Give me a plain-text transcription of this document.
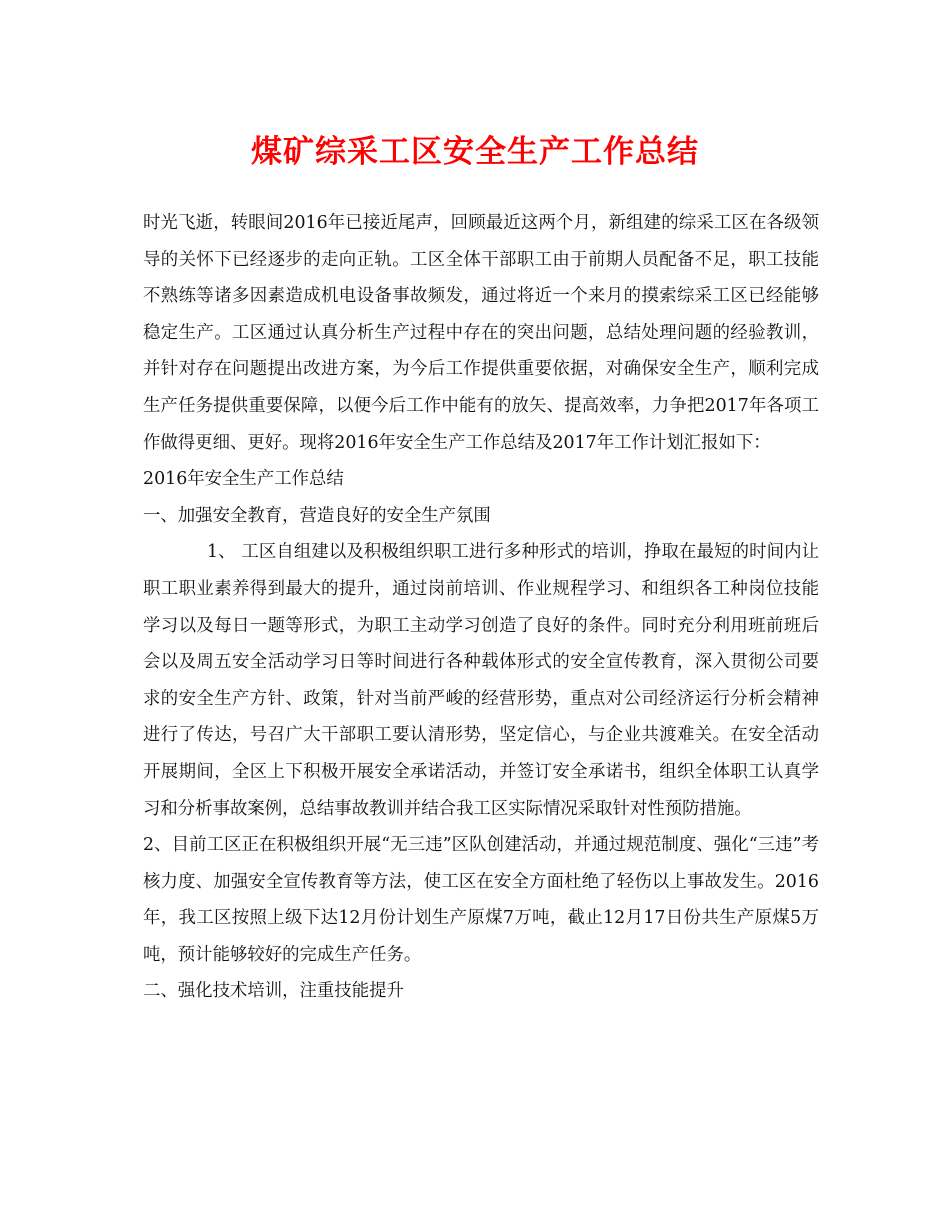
煤矿综采工区安全生产工作总结

时光飞逝，转眼间2016年已接近尾声，回顾最近这两个月，新组建的综采工区在各级领导的关怀下已经逐步的走向正轨。工区全体干部职工由于前期人员配备不足，职工技能不熟练等诸多因素造成机电设备事故频发，通过将近一个来月的摸索综采工区已经能够稳定生产。工区通过认真分析生产过程中存在的突出问题，总结处理问题的经验教训，并针对存在问题提出改进方案，为今后工作提供重要依据，对确保安全生产，顺利完成生产任务提供重要保障，以便今后工作中能有的放矢、提高效率，力争把2017年各项工作做得更细、更好。现将2016年安全生产工作总结及2017年工作计划汇报如下：

2016年安全生产工作总结

一、加强安全教育，营造良好的安全生产氛围

1、 工区自组建以及积极组织职工进行多种形式的培训，挣取在最短的时间内让职工职业素养得到最大的提升，通过岗前培训、作业规程学习、和组织各工种岗位技能学习以及每日一题等形式，为职工主动学习创造了良好的条件。同时充分利用班前班后会以及周五安全活动学习日等时间进行各种载体形式的安全宣传教育，深入贯彻公司要求的安全生产方针、政策，针对当前严峻的经营形势，重点对公司经济运行分析会精神进行了传达，号召广大干部职工要认清形势，坚定信心，与企业共渡难关。在安全活动开展期间，全区上下积极开展安全承诺活动，并签订安全承诺书，组织全体职工认真学习和分析事故案例，总结事故教训并结合我工区实际情况采取针对性预防措施。

2、目前工区正在积极组织开展“无三违”区队创建活动，并通过规范制度、强化“三违”考核力度、加强安全宣传教育等方法，使工区在安全方面杜绝了轻伤以上事故发生。2016年，我工区按照上级下达12月份计划生产原煤7万吨，截止12月17日份共生产原煤5万吨，预计能够较好的完成生产任务。

二、强化技术培训，注重技能提升
